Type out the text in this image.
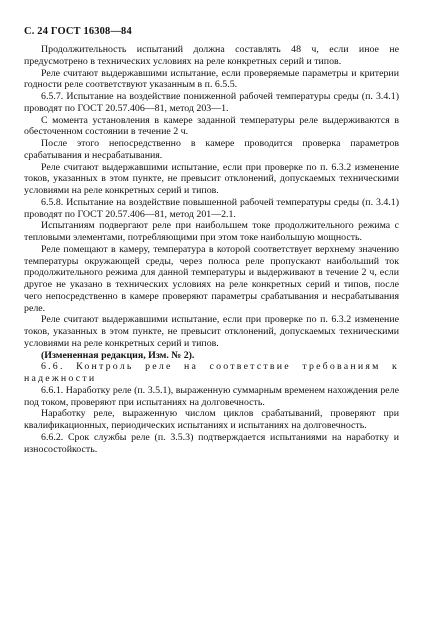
С. 24 ГОСТ 16308—84

Продолжительность испытаний должна составлять 48 ч, если иное не предусмотрено в технических условиях на реле конкретных серий и типов.

Реле считают выдержавшими испытание, если проверяемые параметры и критерии годности реле соответствуют указанным в п. 6.5.5.

6.5.7. Испытание на воздействие пониженной рабочей температуры среды (п. 3.4.1) проводят по ГОСТ 20.57.406—81, метод 203—1.

С момента установления в камере заданной температуры реле выдерживаются в обесточенном состоянии в течение 2 ч.

После этого непосредственно в камере проводится проверка параметров срабатывания и несрабатывания.

Реле считают выдержавшими испытание, если при проверке по п. 6.3.2 изменение токов, указанных в этом пункте, не превысит отклонений, допускаемых техническими условиями на реле конкретных серий и типов.

6.5.8. Испытание на воздействие повышенной рабочей температуры среды (п. 3.4.1) проводят по ГОСТ 20.57.406—81, метод 201—2.1.

Испытаниям подвергают реле при наибольшем токе продолжительного режима с тепловыми элементами, потребляющими при этом токе наибольшую мощность.

Реле помещают в камеру, температура в которой соответствует верхнему значению температуры окружающей среды, через полюса реле пропускают наибольший ток продолжительного режима для данной температуры и выдерживают в течение 2 ч, если другое не указано в технических условиях на реле конкретных серий и типов, после чего непосредственно в камере проверяют параметры срабатывания и несрабатывания реле.

Реле считают выдержавшими испытание, если при проверке по п. 6.3.2 изменение токов, указанных в этом пункте, не превысит отклонений, допускаемых техническими условиями на реле конкретных серий и типов.

(Измененная редакция, Изм. № 2).

6.6. Контроль реле на соответствие требованиям к надежности

6.6.1. Наработку реле (п. 3.5.1), выраженную суммарным временем нахождения реле под током, проверяют при испытаниях на долговечность.

Наработку реле, выраженную числом циклов срабатываний, проверяют при квалификационных, периодических испытаниях и испытаниях на долговечность.

6.6.2. Срок службы реле (п. 3.5.3) подтверждается испытаниями на наработку и износостойкость.
